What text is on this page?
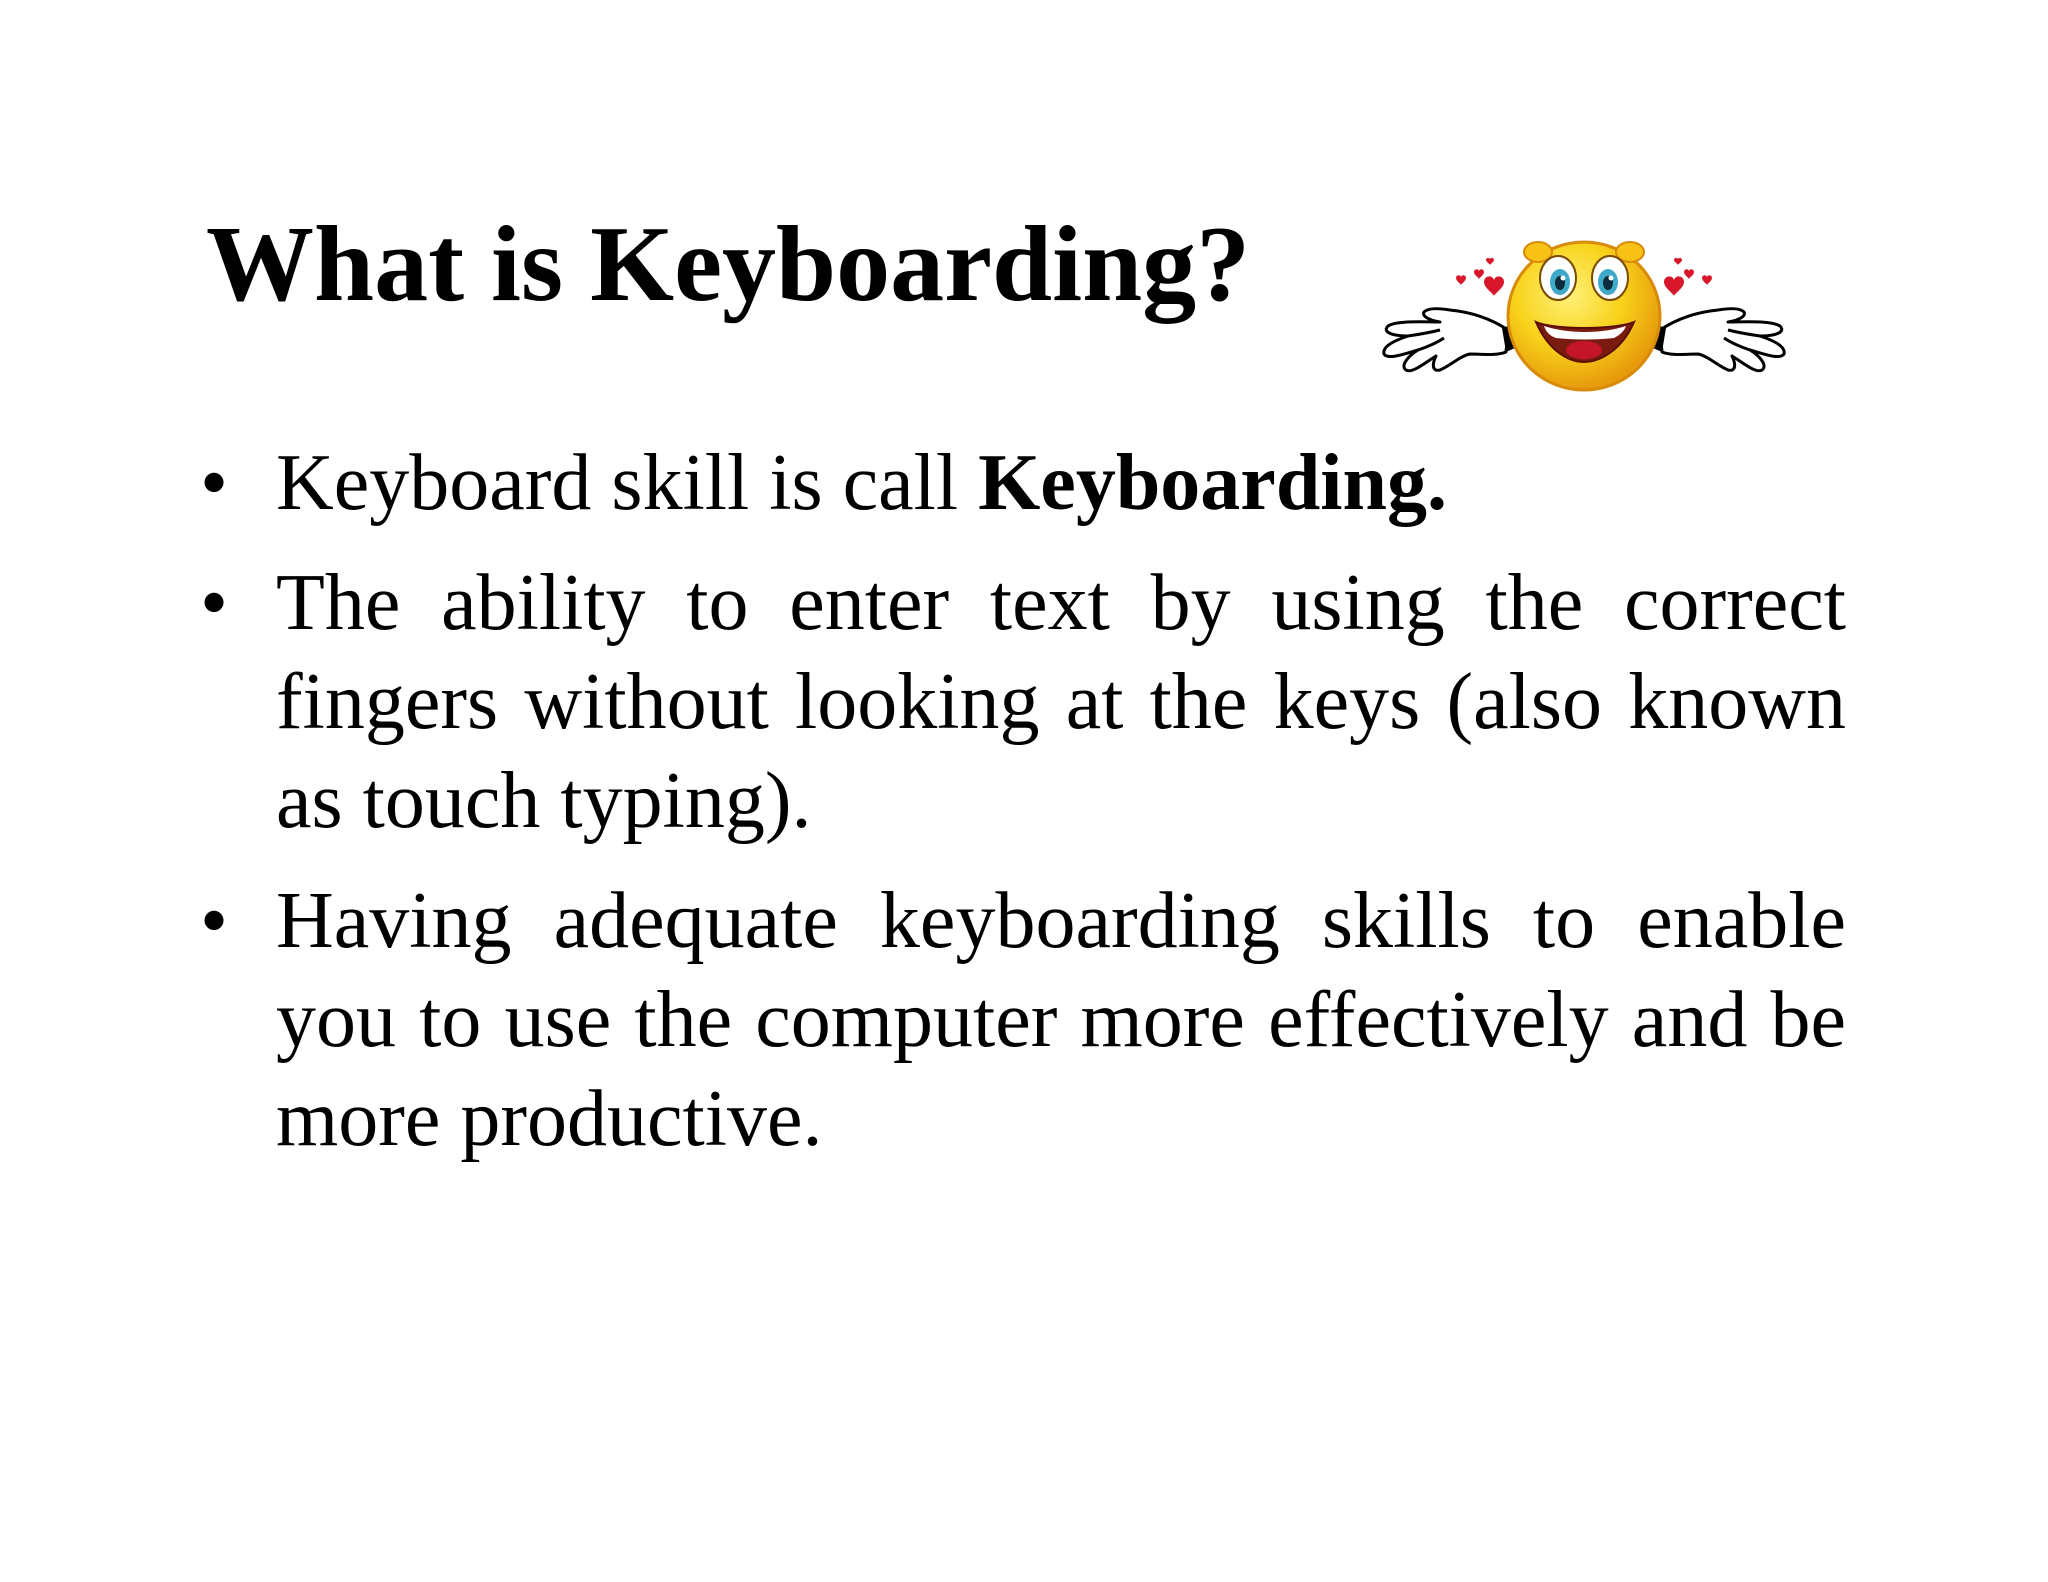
What is Keyboarding?
• Keyboard skill is call Keyboarding.
• The ability to enter text by using the correct fingers without looking at the keys (also known as touch typing).
• Having adequate keyboarding skills to enable you to use the computer more effectively and be more productive.
